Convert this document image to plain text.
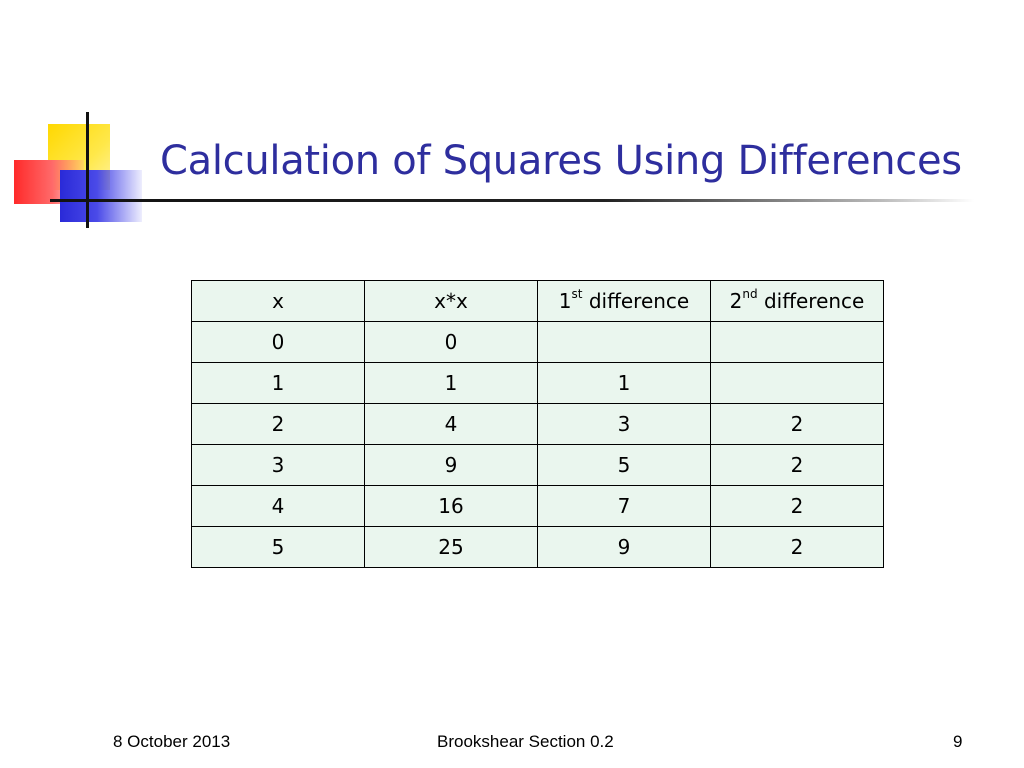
Calculation of Squares Using Differences
x	x*x	1st difference	2nd difference
0	0		
1	1	1	
2	4	3	2
3	9	5	2
4	16	7	2
5	25	9	2
8 October 2013	Brookshear Section 0.2	9
